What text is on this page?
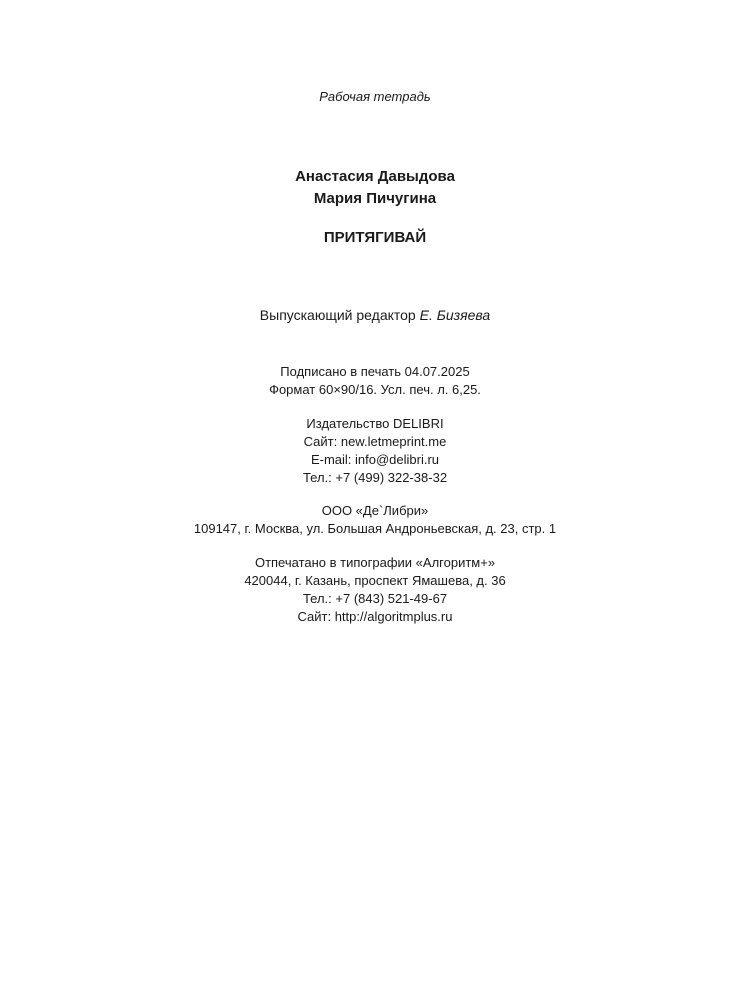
Рабочая тетрадь
Анастасия Давыдова
Мария Пичугина
ПРИТЯГИВАЙ
Выпускающий редактор Е. Бизяева
Подписано в печать 04.07.2025
Формат 60×90/16. Усл. печ. л. 6,25.
Издательство DELIBRI
Сайт: new.letmeprint.me
E-mail: info@delibri.ru
Тел.: +7 (499) 322-38-32
ООО «Де`Либри»
109147, г. Москва, ул. Большая Андроньевская, д. 23, стр. 1
Отпечатано в типографии «Алгоритм+»
420044, г. Казань, проспект Ямашева, д. 36
Тел.: +7 (843) 521-49-67
Сайт: http://algoritmplus.ru
